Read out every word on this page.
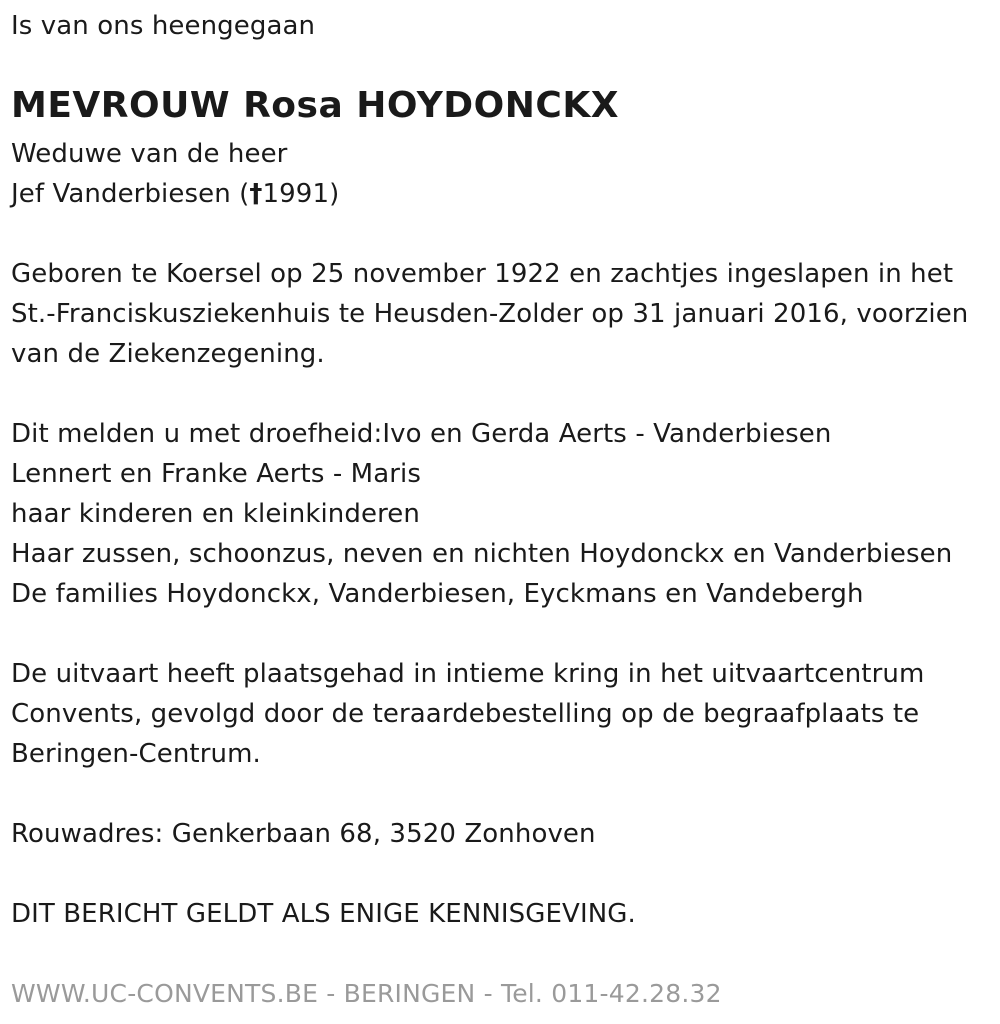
Is van ons heengegaan
MEVROUW Rosa HOYDONCKX
Weduwe van de heer
Jef Vanderbiesen (†1991)
Geboren te Koersel op 25 november 1922 en zachtjes ingeslapen in het
St.-Franciskusziekenhuis te Heusden-Zolder op 31 januari 2016, voorzien
van de Ziekenzegening.
Dit melden u met droefheid:Ivo en Gerda Aerts - Vanderbiesen
Lennert en Franke Aerts - Maris
haar kinderen en kleinkinderen
Haar zussen, schoonzus, neven en nichten Hoydonckx en Vanderbiesen
De families Hoydonckx, Vanderbiesen, Eyckmans en Vandebergh
De uitvaart heeft plaatsgehad in intieme kring in het uitvaartcentrum
Convents, gevolgd door de teraardebestelling op de begraafplaats te
Beringen-Centrum.
Rouwadres: Genkerbaan 68, 3520 Zonhoven
DIT BERICHT GELDT ALS ENIGE KENNISGEVING.
WWW.UC-CONVENTS.BE - BERINGEN - Tel. 011-42.28.32
